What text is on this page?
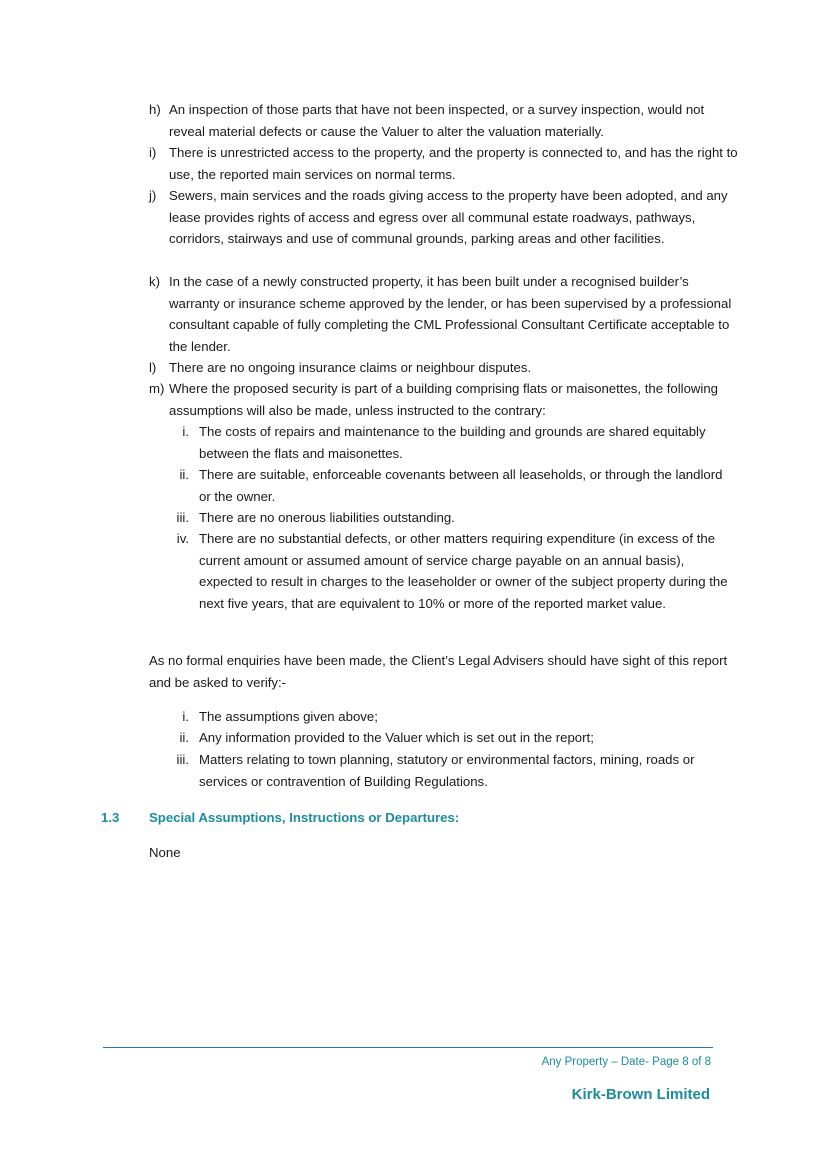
h) An inspection of those parts that have not been inspected, or a survey inspection, would not reveal material defects or cause the Valuer to alter the valuation materially.
i) There is unrestricted access to the property, and the property is connected to, and has the right to use, the reported main services on normal terms.
j) Sewers, main services and the roads giving access to the property have been adopted, and any lease provides rights of access and egress over all communal estate roadways, pathways, corridors, stairways and use of communal grounds, parking areas and other facilities.
k) In the case of a newly constructed property, it has been built under a recognised builder’s warranty or insurance scheme approved by the lender, or has been supervised by a professional consultant capable of fully completing the CML Professional Consultant Certificate acceptable to the lender.
l) There are no ongoing insurance claims or neighbour disputes.
m) Where the proposed security is part of a building comprising flats or maisonettes, the following assumptions will also be made, unless instructed to the contrary:
i. The costs of repairs and maintenance to the building and grounds are shared equitably between the flats and maisonettes.
ii. There are suitable, enforceable covenants between all leaseholds, or through the landlord or the owner.
iii. There are no onerous liabilities outstanding.
iv. There are no substantial defects, or other matters requiring expenditure (in excess of the current amount or assumed amount of service charge payable on an annual basis), expected to result in charges to the leaseholder or owner of the subject property during the next five years, that are equivalent to 10% or more of the reported market value.
As no formal enquiries have been made, the Client’s Legal Advisers should have sight of this report and be asked to verify:-
i. The assumptions given above;
ii. Any information provided to the Valuer which is set out in the report;
iii. Matters relating to town planning, statutory or environmental factors, mining, roads or services or contravention of Building Regulations.
1.3 Special Assumptions, Instructions or Departures:
None
Any Property – Date- Page 8 of 8
Kirk-Brown Limited
